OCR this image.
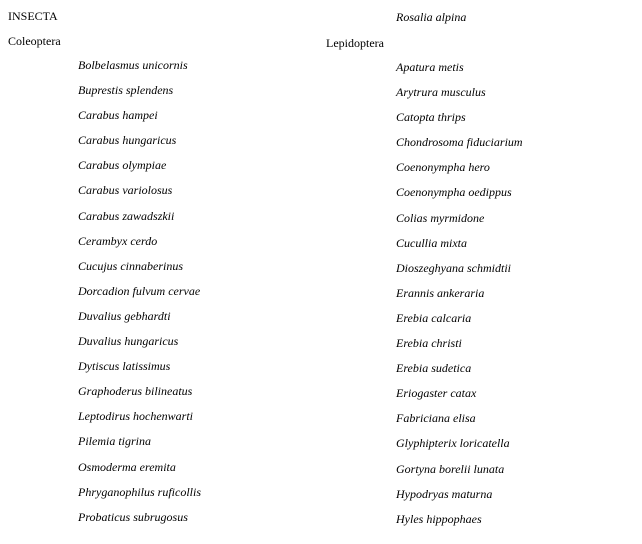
INSECTA
Coleoptera
Rosalia alpina
Lepidoptera
Bolbelasmus unicornis
Buprestis splendens
Carabus hampei
Carabus hungaricus
Carabus olympiae
Carabus variolosus
Carabus zawadszkii
Cerambyx cerdo
Cucujus cinnaberinus
Dorcadion fulvum cervae
Duvalius gebhardti
Duvalius hungaricus
Dytiscus latissimus
Graphoderus bilineatus
Leptodirus hochenwarti
Pilemia tigrina
Osmoderma eremita
Phryganophilus ruficollis
Probaticus subrugosus
Apatura metis
Arytrura musculus
Catopta thrips
Chondrosoma fiduciarium
Coenonympha hero
Coenonympha oedippus
Colias myrmidone
Cucullia mixta
Dioszeghyana schmidtii
Erannis ankeraria
Erebia calcaria
Erebia christi
Erebia sudetica
Eriogaster catax
Fabriciana elisa
Glyphipterix loricatella
Gortyna borelii lunata
Hypodryas maturna
Hyles hippophaes
